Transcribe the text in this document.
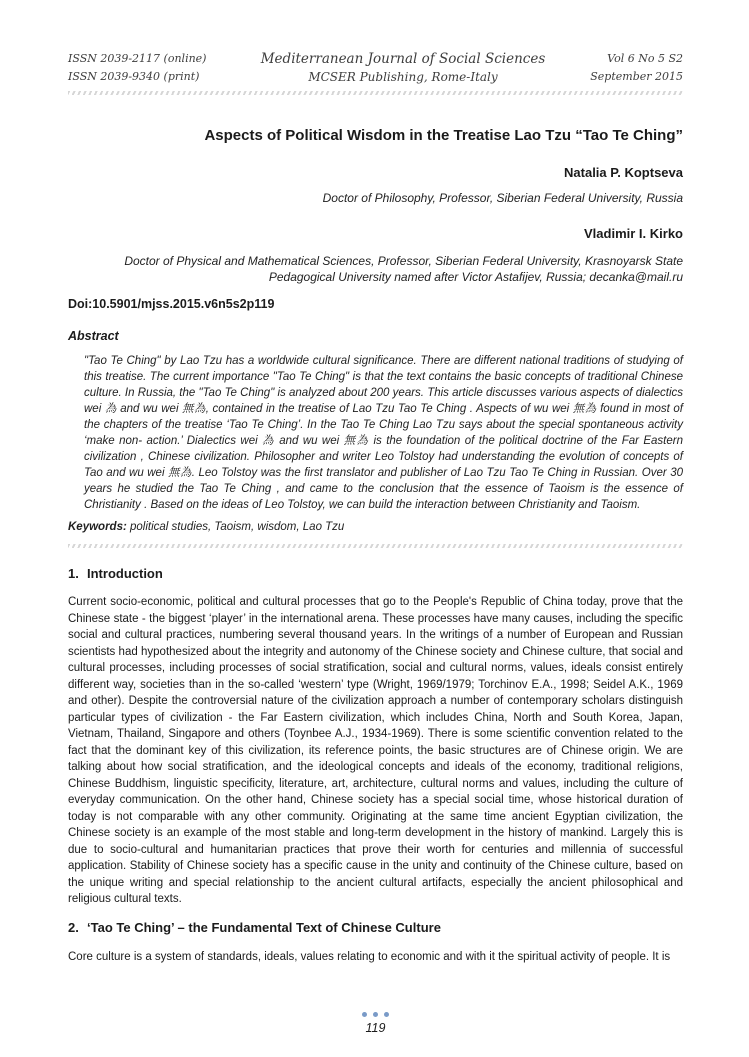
ISSN 2039-2117 (online)
ISSN 2039-9340 (print)
Mediterranean Journal of Social Sciences
MCSER Publishing, Rome-Italy
Vol 6 No 5 S2
September 2015
Aspects of Political Wisdom in the Treatise Lao Tzu “Tao Te Ching”
Natalia P. Koptseva
Doctor of Philosophy, Professor, Siberian Federal University, Russia
Vladimir I. Kirko
Doctor of Physical and Mathematical Sciences, Professor, Siberian Federal University, Krasnoyarsk State Pedagogical University named after Victor Astafijev, Russia; decanka@mail.ru
Doi:10.5901/mjss.2015.v6n5s2p119
Abstract

"Tao Te Ching" by Lao Tzu has a worldwide cultural significance. There are different national traditions of studying of this treatise. The current importance "Tao Te Ching" is that the text contains the basic concepts of traditional Chinese culture. In Russia, the "Tao Te Ching" is analyzed about 200 years. This article discusses various aspects of dialectics wei 為 and wu wei 無為, contained in the treatise of Lao Tzu Tao Te Ching . Aspects of wu wei 無為 found in most of the chapters of the treatise ‘Tao Te Ching’. In the Tao Te Ching Lao Tzu says about the special spontaneous activity ‘make non- action.’ Dialectics wei 為 and wu wei 無為 is the foundation of the political doctrine of the Far Eastern civilization , Chinese civilization. Philosopher and writer Leo Tolstoy had understanding the evolution of concepts of Tao and wu wei 無為. Leo Tolstoy was the first translator and publisher of Lao Tzu Tao Te Ching in Russian. Over 30 years he studied the Tao Te Ching , and came to the conclusion that the essence of Taoism is the essence of Christianity . Based on the ideas of Leo Tolstoy, we can build the interaction between Christianity and Taoism.

Keywords: political studies, Taoism, wisdom, Lao Tzu

1. Introduction

Current socio-economic, political and cultural processes that go to the People's Republic of China today, prove that the Chinese state - the biggest ‘player’ in the international arena. These processes have many causes, including the specific social and cultural practices, numbering several thousand years. In the writings of a number of European and Russian scientists had hypothesized about the integrity and autonomy of the Chinese society and Chinese culture, that social and cultural processes, including processes of social stratification, social and cultural norms, values, ideals consist entirely different way, societies than in the so-called ‘western’ type (Wright, 1969/1979; Torchinov E.A., 1998; Seidel A.K., 1969 and other). Despite the controversial nature of the civilization approach a number of contemporary scholars distinguish particular types of civilization - the Far Eastern civilization, which includes China, North and South Korea, Japan, Vietnam, Thailand, Singapore and others (Toynbee A.J., 1934-1969). There is some scientific convention related to the fact that the dominant key of this civilization, its reference points, the basic structures are of Chinese origin. We are talking about how social stratification, and the ideological concepts and ideals of the economy, traditional religions, Chinese Buddhism, linguistic specificity, literature, art, architecture, cultural norms and values, including the culture of everyday communication. On the other hand, Chinese society has a special social time, whose historical duration of today is not comparable with any other community. Originating at the same time ancient Egyptian civilization, the Chinese society is an example of the most stable and long-term development in the history of mankind. Largely this is due to socio-cultural and humanitarian practices that prove their worth for centuries and millennia of successful application. Stability of Chinese society has a specific cause in the unity and continuity of the Chinese culture, based on the unique writing and special relationship to the ancient cultural artifacts, especially the ancient philosophical and religious cultural texts.

2. ‘Tao Te Ching’ – the Fundamental Text of Chinese Culture

Core culture is a system of standards, ideals, values relating to economic and with it the spiritual activity of people. It is

119
